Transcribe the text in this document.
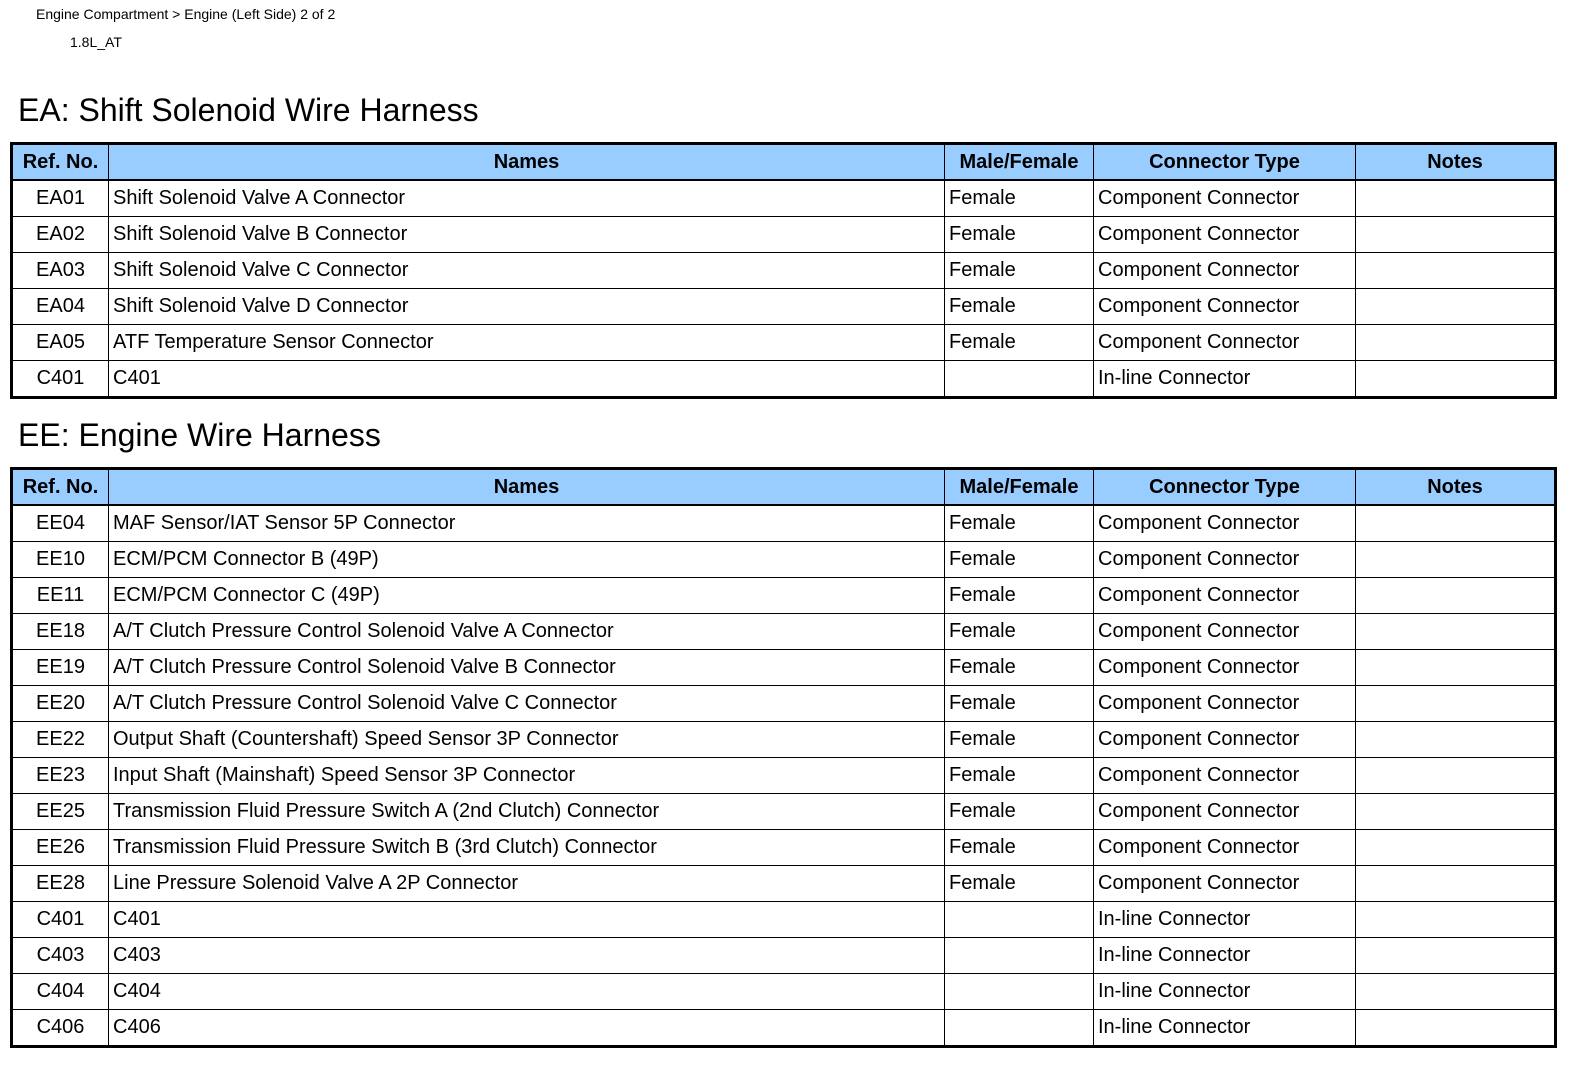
Engine Compartment > Engine (Left Side) 2 of 2
1.8L_AT
EA: Shift Solenoid Wire Harness
Ref. No.	Names	Male/Female	Connector Type	Notes
EA01	Shift Solenoid Valve A Connector	Female	Component Connector	
EA02	Shift Solenoid Valve B Connector	Female	Component Connector	
EA03	Shift Solenoid Valve C Connector	Female	Component Connector	
EA04	Shift Solenoid Valve D Connector	Female	Component Connector	
EA05	ATF Temperature Sensor Connector	Female	Component Connector	
C401	C401		In-line Connector	
EE: Engine Wire Harness
Ref. No.	Names	Male/Female	Connector Type	Notes
EE04	MAF Sensor/IAT Sensor 5P Connector	Female	Component Connector	
EE10	ECM/PCM Connector B (49P)	Female	Component Connector	
EE11	ECM/PCM Connector C (49P)	Female	Component Connector	
EE18	A/T Clutch Pressure Control Solenoid Valve A Connector	Female	Component Connector	
EE19	A/T Clutch Pressure Control Solenoid Valve B Connector	Female	Component Connector	
EE20	A/T Clutch Pressure Control Solenoid Valve C Connector	Female	Component Connector	
EE22	Output Shaft (Countershaft) Speed Sensor 3P Connector	Female	Component Connector	
EE23	Input Shaft (Mainshaft) Speed Sensor 3P Connector	Female	Component Connector	
EE25	Transmission Fluid Pressure Switch A (2nd Clutch) Connector	Female	Component Connector	
EE26	Transmission Fluid Pressure Switch B (3rd Clutch) Connector	Female	Component Connector	
EE28	Line Pressure Solenoid Valve A 2P Connector	Female	Component Connector	
C401	C401		In-line Connector	
C403	C403		In-line Connector	
C404	C404		In-line Connector	
C406	C406		In-line Connector	
